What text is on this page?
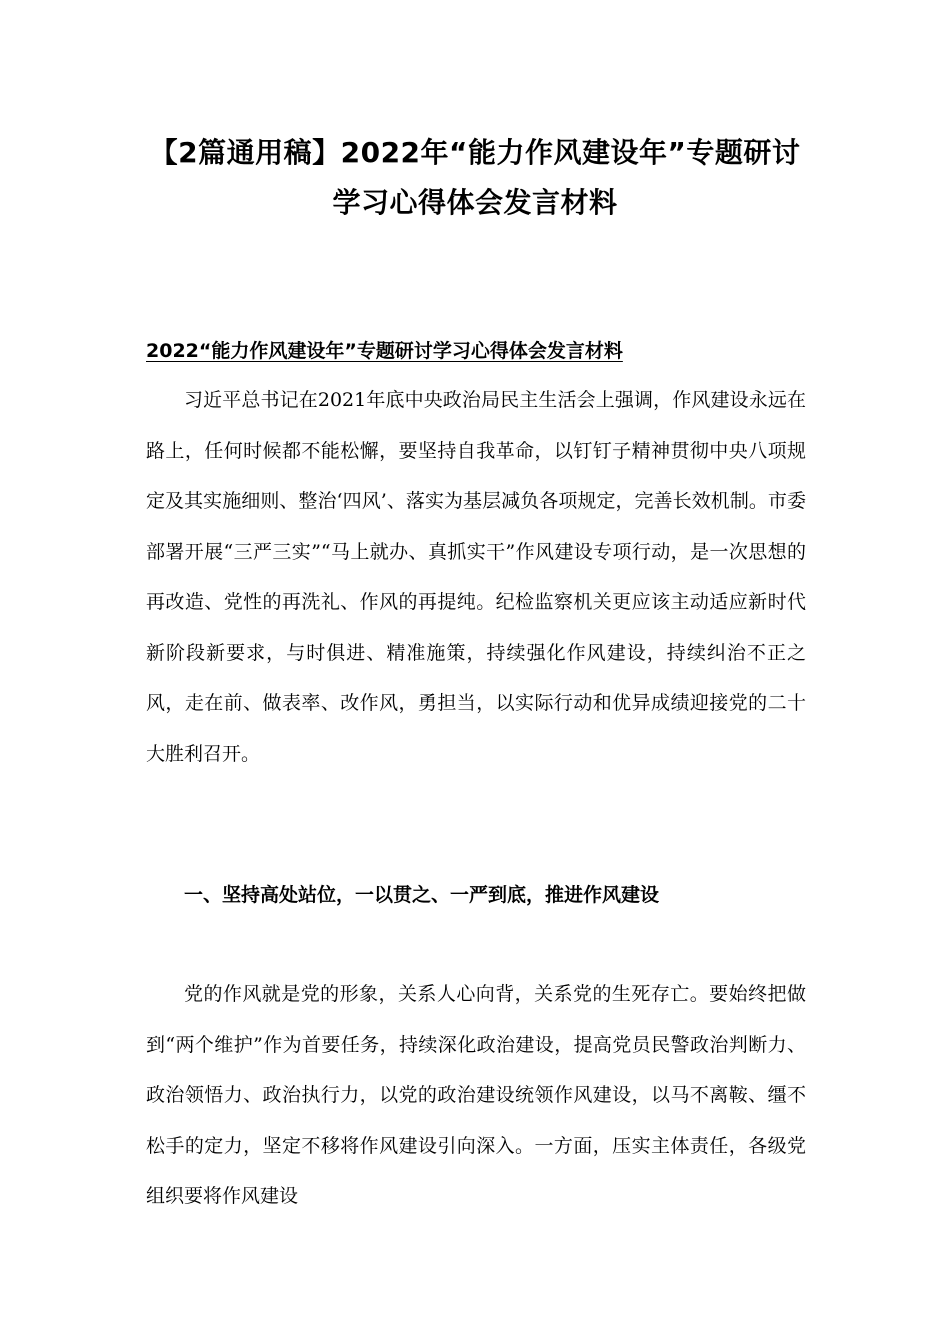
【2篇通用稿】2022年“能力作风建设年”专题研讨
学习心得体会发言材料
2022“能力作风建设年”专题研讨学习心得体会发言材料

习近平总书记在2021年底中央政治局民主生活会上强调，作风建设永远在路上，任何时候都不能松懈，要坚持自我革命，以钉钉子精神贯彻中央八项规定及其实施细则、整治‘四风’、落实为基层减负各项规定，完善长效机制。市委部署开展“三严三实”“马上就办、真抓实干”作风建设专项行动，是一次思想的再改造、党性的再洗礼、作风的再提纯。纪检监察机关更应该主动适应新时代新阶段新要求，与时俱进、精准施策，持续强化作风建设，持续纠治不正之风，走在前、做表率、改作风，勇担当，以实际行动和优异成绩迎接党的二十大胜利召开。

一、坚持高处站位，一以贯之、一严到底，推进作风建设

党的作风就是党的形象，关系人心向背，关系党的生死存亡。要始终把做到“两个维护”作为首要任务，持续深化政治建设，提高党员民警政治判断力、政治领悟力、政治执行力，以党的政治建设统领作风建设，以马不离鞍、缰不松手的定力，坚定不移将作风建设引向深入。一方面，压实主体责任，各级党组织要将作风建设
